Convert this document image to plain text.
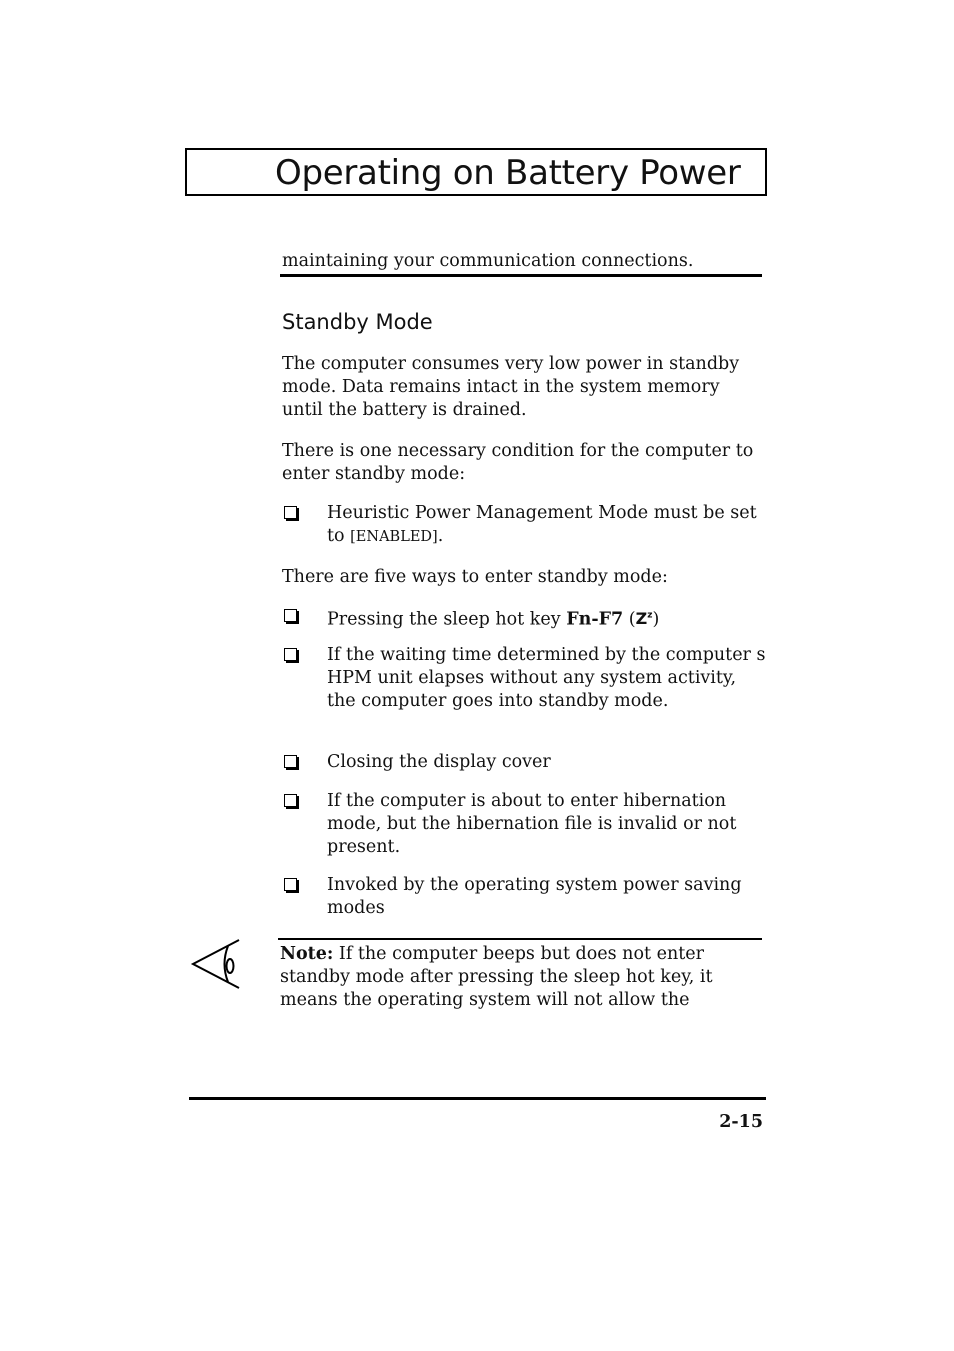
Operating on Battery Power
maintaining your communication connections.
Standby Mode
The computer consumes very low power in standby mode. Data remains intact in the system memory until the battery is drained.
There is one necessary condition for the computer to enter standby mode:
Heuristic Power Management Mode must be set to [ENABLED].
There are five ways to enter standby mode:
Pressing the sleep hot key Fn-F7 $(Z^z)$
If the waiting time determined by the computer s HPM unit elapses without any system activity, the computer goes into standby mode.
Closing the display cover
If the computer is about to enter hibernation mode, but the hibernation file is invalid or not present.
Invoked by the operating system power saving modes
Note: If the computer beeps but does not enter standby mode after pressing the sleep hot key, it means the operating system will not allow the
2-15
